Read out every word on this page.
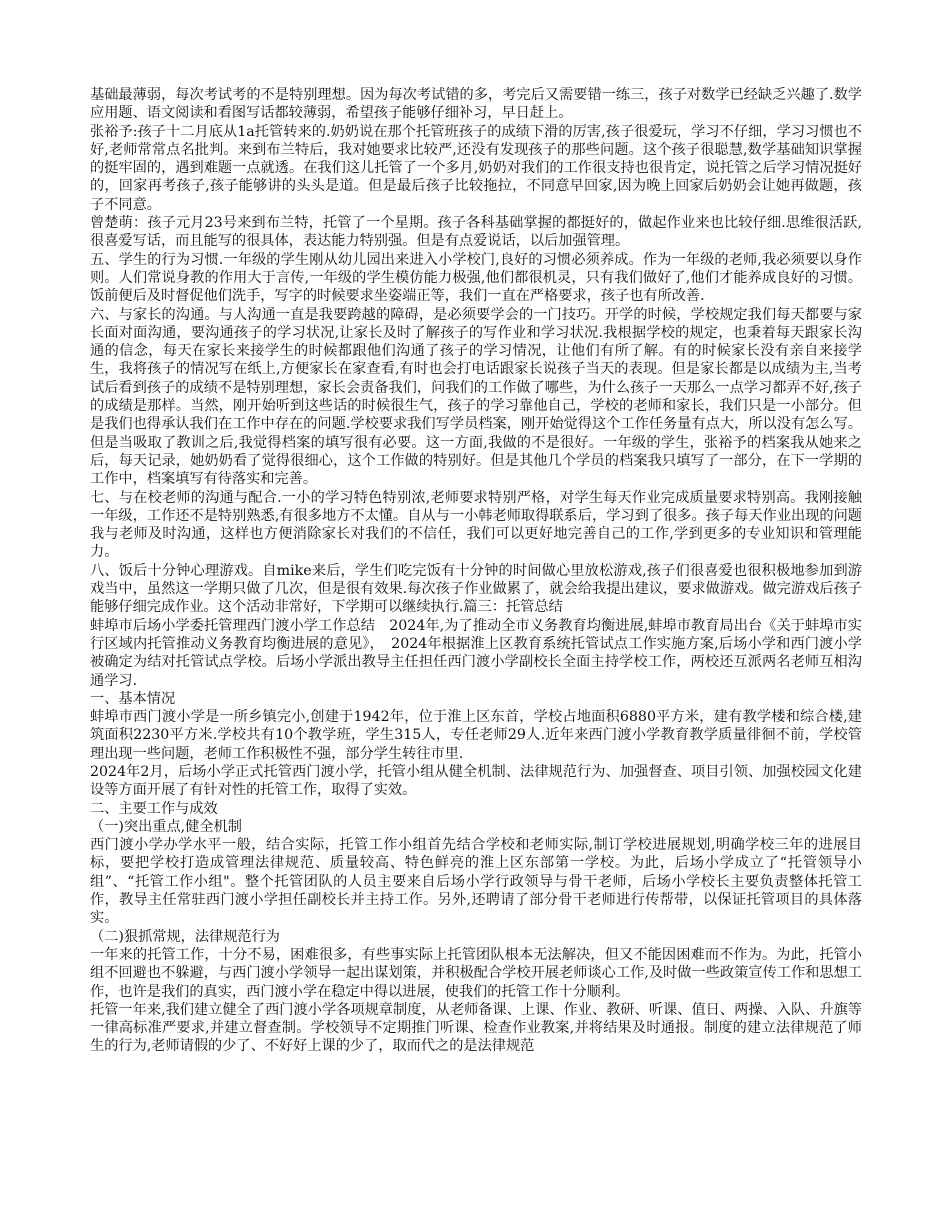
基础最薄弱，每次考试考的不是特别理想。因为每次考试错的多，考完后又需要错一练三，孩子对数学已经缺乏兴趣了.数学应用题、语文阅读和看图写话都较薄弱，希望孩子能够仔细补习，早日赶上。

张裕予:孩子十二月底从1a托管转来的.奶奶说在那个托管班孩子的成绩下滑的厉害,孩子很爱玩，学习不仔细，学习习惯也不好,老师常常点名批判。来到布兰特后，我对她要求比较严,还没有发现孩子的那些问题。这个孩子很聪慧,数学基础知识掌握的挺牢固的，遇到难题一点就透。在我们这儿托管了一个多月,奶奶对我们的工作很支持也很肯定，说托管之后学习情况挺好的，回家再考孩子,孩子能够讲的头头是道。但是最后孩子比较拖拉，不同意早回家,因为晚上回家后奶奶会让她再做题，孩子不同意。

曾楚萌：孩子元月23号来到布兰特，托管了一个星期。孩子各科基础掌握的都挺好的，做起作业来也比较仔细.思维很活跃,很喜爱写话，而且能写的很具体，表达能力特别强。但是有点爱说话，以后加强管理。

五、学生的行为习惯.一年级的学生刚从幼儿园出来进入小学校门,良好的习惯必须养成。作为一年级的老师,我必须要以身作则。人们常说身教的作用大于言传,一年级的学生模仿能力极强,他们都很机灵，只有我们做好了,他们才能养成良好的习惯。饭前便后及时督促他们洗手，写字的时候要求坐姿端正等，我们一直在严格要求，孩子也有所改善.

六、与家长的沟通。与人沟通一直是我要跨越的障碍，是必须要学会的一门技巧。开学的时候，学校规定我们每天都要与家长面对面沟通，要沟通孩子的学习状况,让家长及时了解孩子的写作业和学习状况.我根据学校的规定，也秉着每天跟家长沟通的信念，每天在家长来接学生的时候都跟他们沟通了孩子的学习情况，让他们有所了解。有的时候家长没有亲自来接学生，我将孩子的情况写在纸上,方便家长在家查看,有时也会打电话跟家长说孩子当天的表现。但是家长都是以成绩为主,当考试后看到孩子的成绩不是特别理想，家长会责备我们，问我们的工作做了哪些，为什么孩子一天那么一点学习都弄不好,孩子的成绩是那样。当然，刚开始听到这些话的时候很生气，孩子的学习靠他自己，学校的老师和家长，我们只是一小部分。但是我们也得承认我们在工作中存在的问题.学校要求我们写学员档案，刚开始觉得这个工作任务量有点大，所以没有怎么写。但是当吸取了教训之后,我觉得档案的填写很有必要。这一方面,我做的不是很好。一年级的学生，张裕予的档案我从她来之后，每天记录，她奶奶看了觉得很细心，这个工作做的特别好。但是其他几个学员的档案我只填写了一部分，在下一学期的工作中，档案填写有待落实和完善。

七、与在校老师的沟通与配合.一小的学习特色特别浓,老师要求特别严格，对学生每天作业完成质量要求特别高。我刚接触一年级，工作还不是特别熟悉,有很多地方不太懂。自从与一小韩老师取得联系后，学习到了很多。孩子每天作业出现的问题我与老师及时沟通，这样也方便消除家长对我们的不信任，我们可以更好地完善自己的工作,学到更多的专业知识和管理能力。

八、饭后十分钟心理游戏。自mike来后，学生们吃完饭有十分钟的时间做心里放松游戏,孩子们很喜爱也很积极地参加到游戏当中，虽然这一学期只做了几次，但是很有效果.每次孩子作业做累了，就会给我提出建议，要求做游戏。做完游戏后孩子能够仔细完成作业。这个活动非常好，下学期可以继续执行.篇三：托管总结

蚌埠市后场小学委托管理西门渡小学工作总结　2024年,为了推动全市义务教育均衡进展,蚌埠市教育局出台《关于蚌埠市实行区域内托管推动义务教育均衡进展的意见》，　2024年根据淮上区教育系统托管试点工作实施方案,后场小学和西门渡小学被确定为结对托管试点学校。后场小学派出教导主任担任西门渡小学副校长全面主持学校工作，两校还互派两名老师互相沟通学习.

一、基本情况

蚌埠市西门渡小学是一所乡镇完小,创建于1942年，位于淮上区东首，学校占地面积6880平方米，建有教学楼和综合楼,建筑面积2230平方米.学校共有10个教学班，学生315人，专任老师29人.近年来西门渡小学教育教学质量徘徊不前，学校管理出现一些问题，老师工作积极性不强，部分学生转往市里.

2024年2月，后场小学正式托管西门渡小学，托管小组从健全机制、法律规范行为、加强督查、项目引领、加强校园文化建设等方面开展了有针对性的托管工作，取得了实效。

二、主要工作与成效

（一)突出重点,健全机制

西门渡小学办学水平一般，结合实际，托管工作小组首先结合学校和老师实际,制订学校进展规划,明确学校三年的进展目标，要把学校打造成管理法律规范、质量较高、特色鲜亮的淮上区东部第一学校。为此，后场小学成立了“托管领导小组”、“托管工作小组"。整个托管团队的人员主要来自后场小学行政领导与骨干老师，后场小学校长主要负责整体托管工作，教导主任常驻西门渡小学担任副校长并主持工作。另外,还聘请了部分骨干老师进行传帮带，以保证托管项目的具体落实。

（二)狠抓常规，法律规范行为

一年来的托管工作，十分不易，困难很多，有些事实际上托管团队根本无法解决，但又不能因困难而不作为。为此，托管小组不回避也不躲避，与西门渡小学领导一起出谋划策，并积极配合学校开展老师谈心工作,及时做一些政策宣传工作和思想工作，也许是我们的真实，西门渡小学在稳定中得以进展，使我们的托管工作十分顺利。

托管一年来,我们建立健全了西门渡小学各项规章制度，从老师备课、上课、作业、教研、听课、值日、两操、入队、升旗等一律高标准严要求,并建立督查制。学校领导不定期推门听课、检查作业教案,并将结果及时通报。制度的建立法律规范了师生的行为,老师请假的少了、不好好上课的少了，取而代之的是法律规范
